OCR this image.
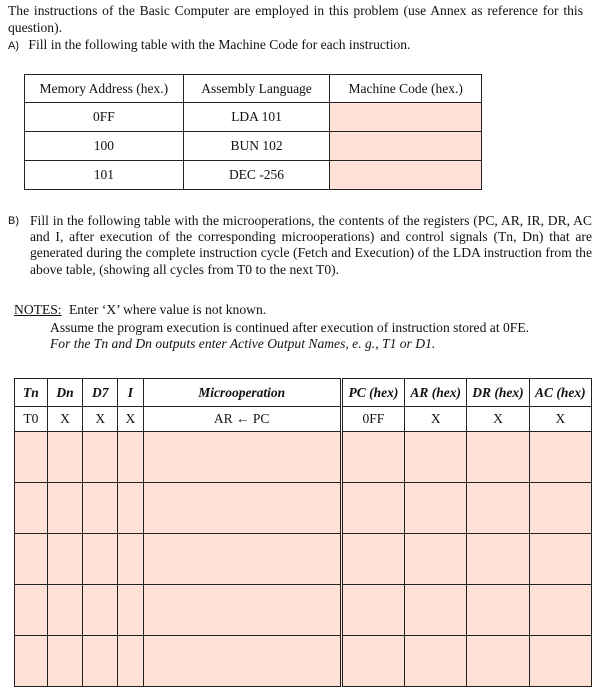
The instructions of the Basic Computer are employed in this problem (use Annex as reference for this question).
A) Fill in the following table with the Machine Code for each instruction.
Memory Address (hex.)	Assembly Language	Machine Code (hex.)
0FF	LDA 101	
100	BUN 102	
101	DEC -256	
B) Fill in the following table with the microoperations, the contents of the registers (PC, AR, IR, DR, AC and I, after execution of the corresponding microoperations) and control signals (Tn, Dn) that are generated during the complete instruction cycle (Fetch and Execution) of the LDA instruction from the above table, (showing all cycles from T0 to the next T0).
NOTES: Enter ‘X’ where value is not known.
Assume the program execution is continued after execution of instruction stored at 0FE.
For the Tn and Dn outputs enter Active Output Names, e. g., T1 or D1.
Tn	Dn	D7	I	Microoperation	PC (hex)	AR (hex)	DR (hex)	AC (hex)
T0	X	X	X	AR ← PC	0FF	X	X	X
